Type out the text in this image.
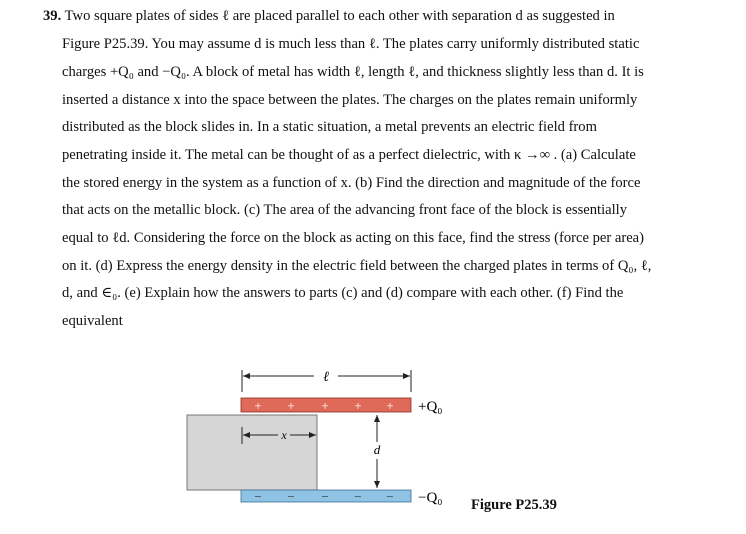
39. Two square plates of sides ℓ are placed parallel to each other with separation d as suggested in
Figure P25.39. You may assume d is much less than ℓ. The plates carry uniformly distributed static
charges +Q₀ and −Q₀. A block of metal has width ℓ, length ℓ, and thickness slightly less than d. It is
inserted a distance x into the space between the plates. The charges on the plates remain uniformly
distributed as the block slides in. In a static situation, a metal prevents an electric field from
penetrating inside it. The metal can be thought of as a perfect dielectric, with κ →∞ . (a) Calculate
the stored energy in the system as a function of x. (b) Find the direction and magnitude of the force
that acts on the metallic block. (c) The area of the advancing front face of the block is essentially
equal to ℓd. Considering the force on the block as acting on this face, find the stress (force per area)
on it. (d) Express the energy density in the electric field between the charged plates in terms of Q₀, ℓ,
d, and ∈₀. (e) Explain how the answers to parts (c) and (d) compare with each other. (f) Find the
equivalent
ℓ
+ + + + + +Q₀
x
d
− − − − − −Q₀ Figure P25.39
